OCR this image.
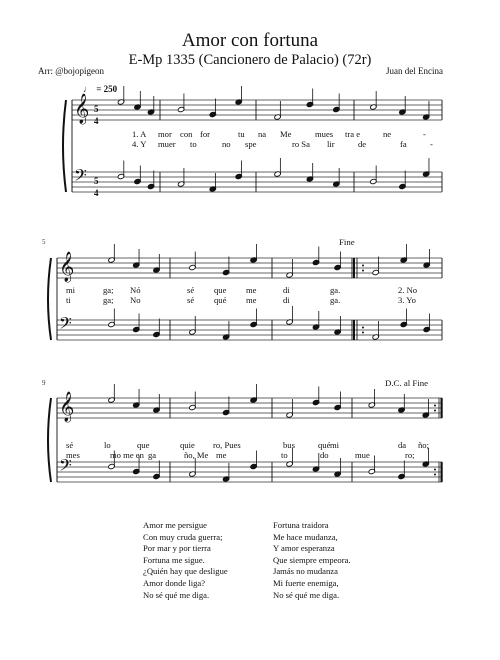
Amor con fortuna
E-Mp 1335 (Cancionero de Palacio) (72r)
Arr: @bojopigeon	Juan del Encina
𝄞
𝄢
𝄞
𝄢
𝄞
𝄢
♩ = 250
5	Fine
9	D.C. al Fine
5
4
5
4
1. A mor con for	tu na Me	mues tra e	ne	-
4. Y muer to	no spe	ro Sa lir	de	fa	-
mi	ga; Nó	sé que me	di	ga.	2. No
ti	ga; No	sé qué me	di	ga.	3. Yo
sé	lo	que	quie ro, Pues	bus	qué mi	da ño;
mes	mo me en ga	ño, Me me	to	do	mue	ro;
Amor me persigue
Con muy cruda guerra;
Por mar y por tierra
Fortuna me sigue.
¿Quién hay que desligue
Amor donde liga?
No sé qué me diga.
Fortuna traidora
Me hace mudanza,
Y amor esperanza
Que siempre empeora.
Jamás no mudanza
Mi fuerte enemiga,
No sé qué me diga.
